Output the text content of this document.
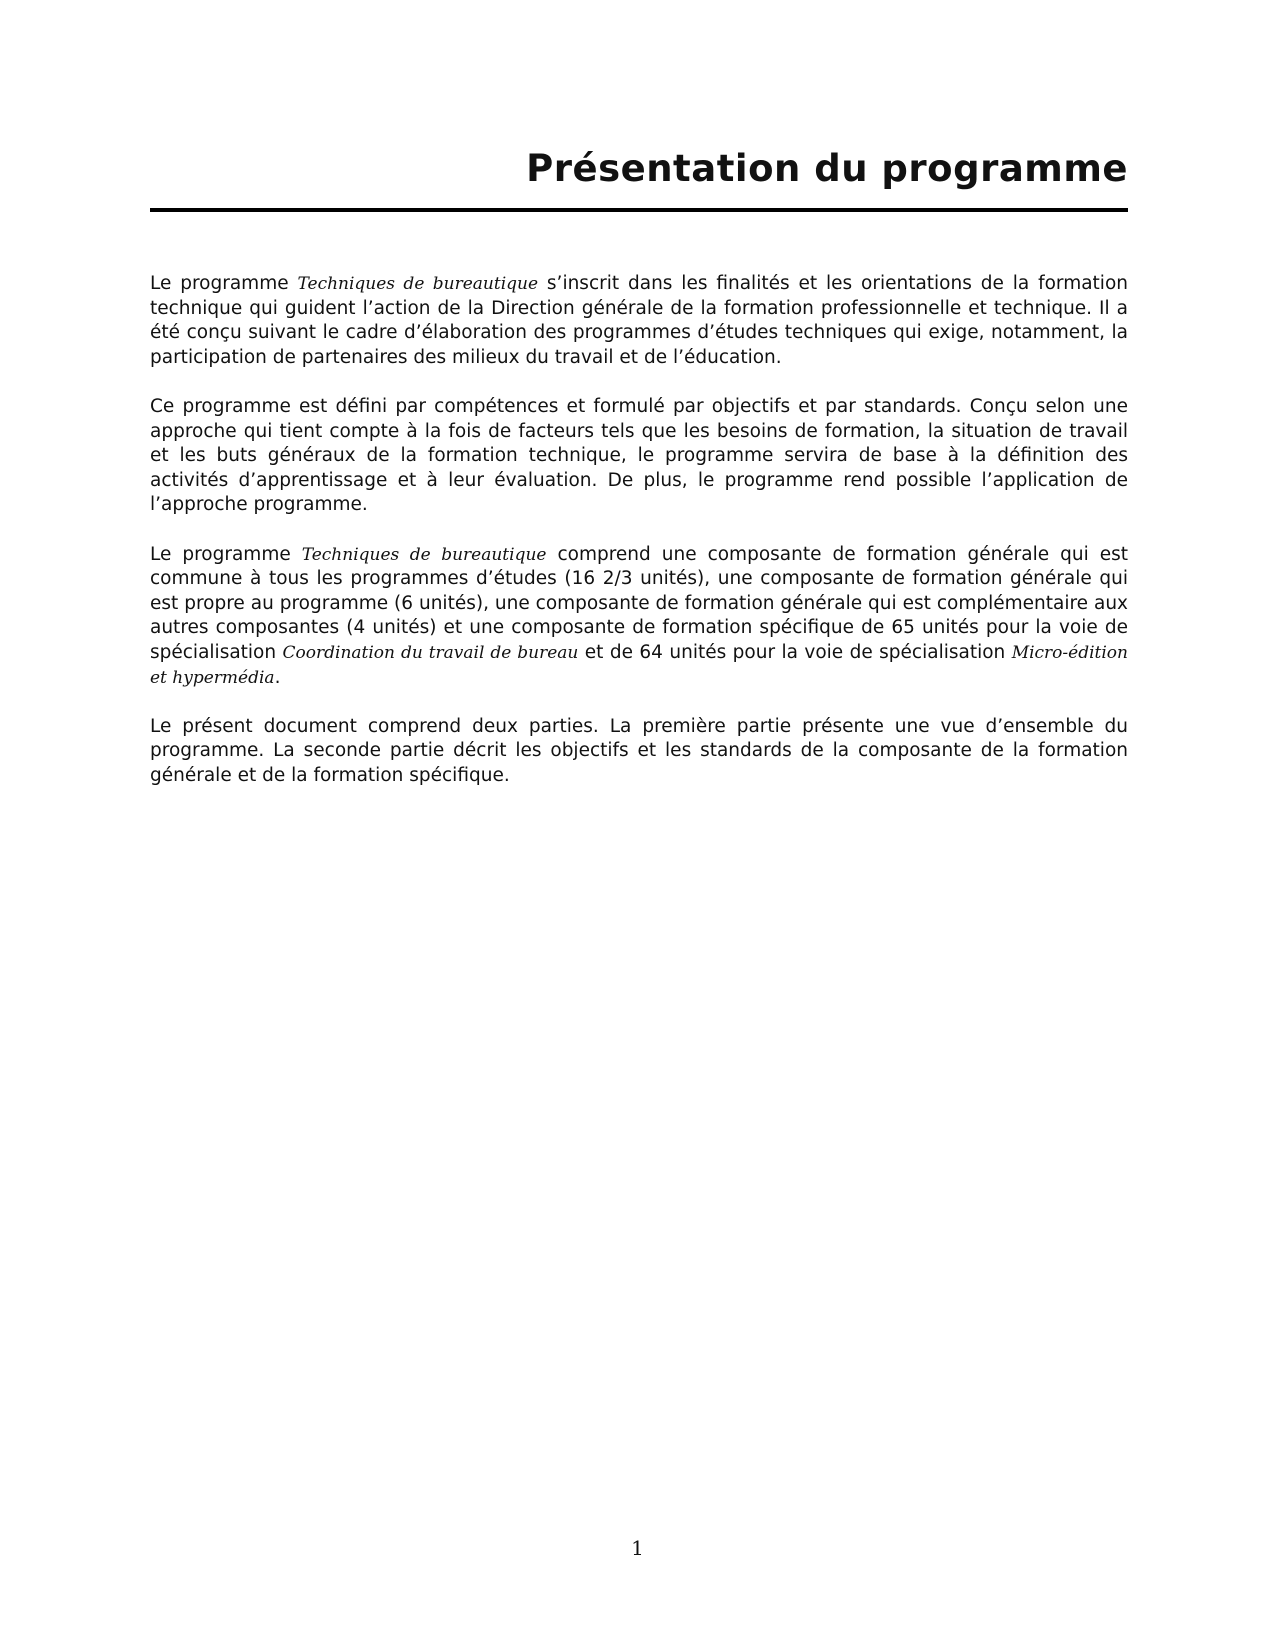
Présentation du programme

Le programme Techniques de bureautique s’inscrit dans les finalités et les orientations de la formation technique qui guident l’action de la Direction générale de la formation professionnelle et technique. Il a été conçu suivant le cadre d’élaboration des programmes d’études techniques qui exige, notamment, la participation de partenaires des milieux du travail et de l’éducation.

Ce programme est défini par compétences et formulé par objectifs et par standards. Conçu selon une approche qui tient compte à la fois de facteurs tels que les besoins de formation, la situation de travail et les buts généraux de la formation technique, le programme servira de base à la définition des activités d’apprentissage et à leur évaluation. De plus, le programme rend possible l’application de l’approche programme.

Le programme Techniques de bureautique comprend une composante de formation générale qui est commune à tous les programmes d’études (16 2/3 unités), une composante de formation générale qui est propre au programme (6 unités), une composante de formation générale qui est complémentaire aux autres composantes (4 unités) et une composante de formation spécifique de 65 unités pour la voie de spécialisation Coordination du travail de bureau et de 64 unités pour la voie de spécialisation Micro-édition et hypermédia.

Le présent document comprend deux parties. La première partie présente une vue d’ensemble du programme. La seconde partie décrit les objectifs et les standards de la composante de la formation générale et de la formation spécifique.

1
